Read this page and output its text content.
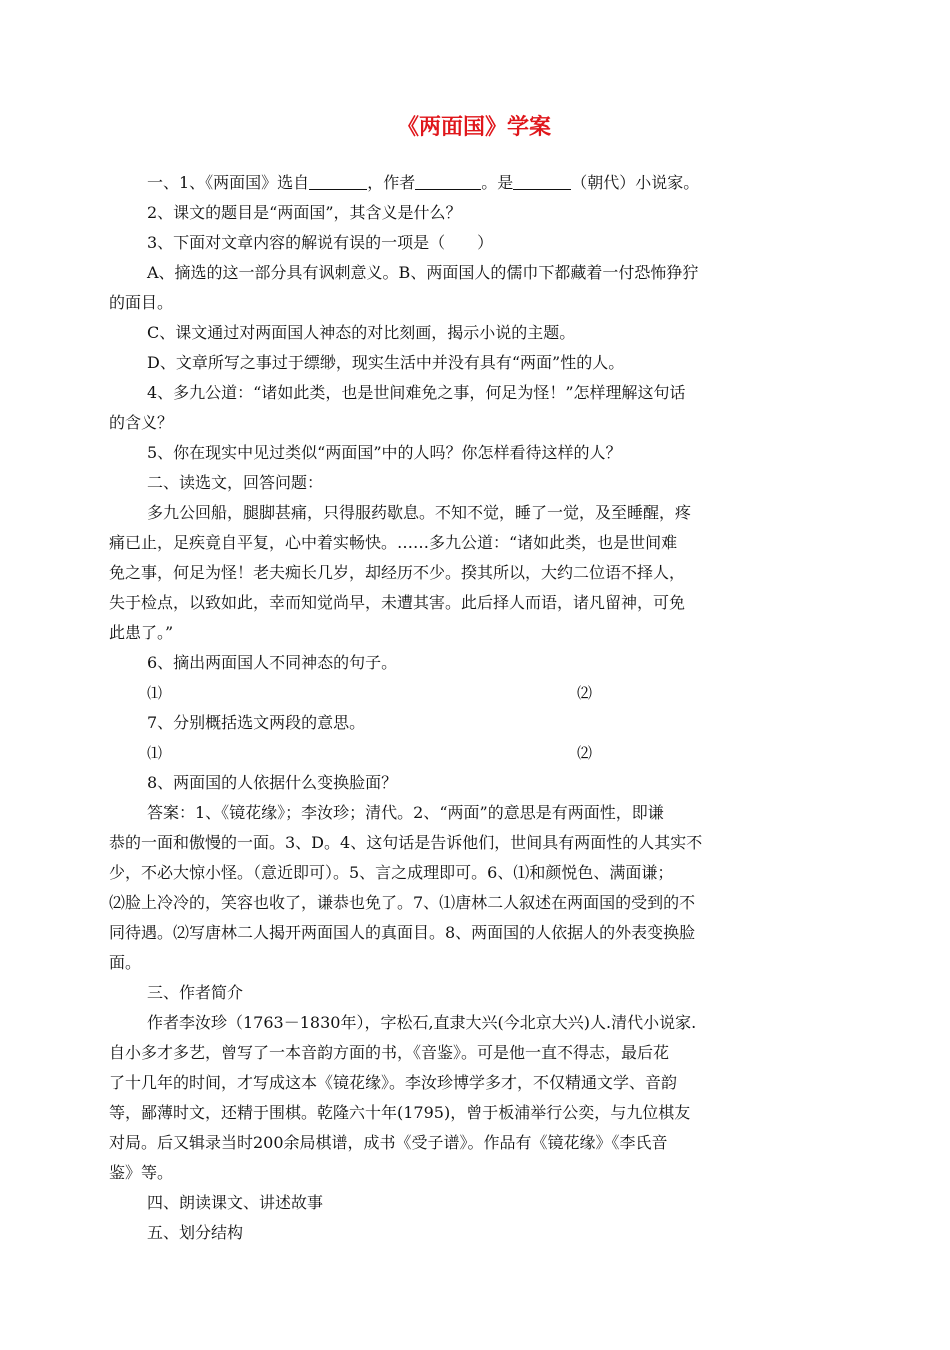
《两面国》学案

一、1、《两面国》选自	，作者	。是	（朝代）小说家。

2、课文的题目是“两面国”，其含义是什么？

3、下面对文章内容的解说有误的一项是（　　）

A、摘选的这一部分具有讽刺意义。B、两面国人的儒巾下都藏着一付恐怖狰狞

的面目。

C、课文通过对两面国人神态的对比刻画，揭示小说的主题。

D、文章所写之事过于缥缈，现实生活中并没有具有“两面”性的人。

4、多九公道：“诸如此类，也是世间难免之事，何足为怪！”怎样理解这句话

的含义？

5、你在现实中见过类似“两面国”中的人吗？你怎样看待这样的人？

二、读选文，回答问题：

多九公回船，腿脚甚痛，只得服药歇息。不知不觉，睡了一觉，及至睡醒，疼

痛已止，足疾竟自平复，心中着实畅快。……多九公道：“诸如此类，也是世间难

免之事，何足为怪！老夫痴长几岁，却经历不少。揆其所以，大约二位语不择人，

失于检点，以致如此，幸而知觉尚早，未遭其害。此后择人而语，诸凡留神，可免

此患了。”

6、摘出两面国人不同神态的句子。

⑴	⑵

7、分别概括选文两段的意思。

⑴	⑵

8、两面国的人依据什么变换脸面？

答案：1、《镜花缘》；李汝珍；清代。2、“两面”的意思是有两面性，即谦

恭的一面和傲慢的一面。3、D。4、这句话是告诉他们，世间具有两面性的人其实不

少，不必大惊小怪。（意近即可）。5、言之成理即可。6、⑴和颜悦色、满面谦；

⑵脸上冷冷的，笑容也收了，谦恭也免了。7、⑴唐林二人叙述在两面国的受到的不

同待遇。⑵写唐林二人揭开两面国人的真面目。8、两面国的人依据人的外表变换脸

面。

三、作者简介

作者李汝珍（1763－1830年），字松石,直隶大兴(今北京大兴)人.清代小说家.

自小多才多艺，曾写了一本音韵方面的书，《音鉴》。可是他一直不得志，最后花

了十几年的时间，才写成这本《镜花缘》。李汝珍博学多才，不仅精通文学、音韵

等，鄙薄时文，还精于围棋。乾隆六十年(1795)，曾于板浦举行公奕，与九位棋友

对局。后又辑录当时200余局棋谱，成书《受子谱》。作品有《镜花缘》《李氏音

鉴》等。

四、朗读课文、讲述故事

五、划分结构
